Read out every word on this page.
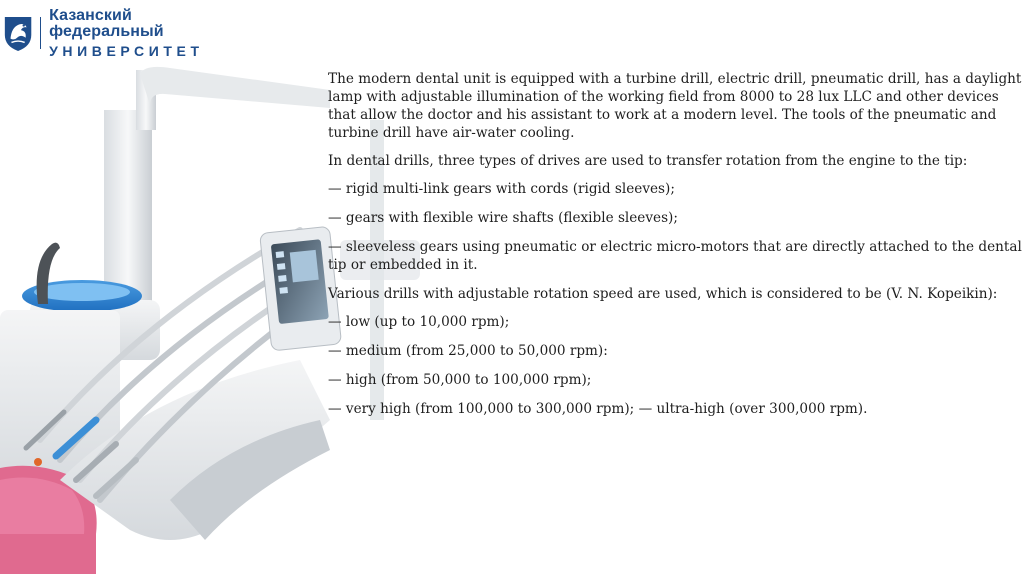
Казанский федеральный
УНИВЕРСИТЕТ

The modern dental unit is equipped with a turbine drill, electric drill, pneumatic drill, has a daylight lamp with adjustable illumination of the working field from 8000 to 28 lux LLC and other devices that allow the doctor and his assistant to work at a modern level. The tools of the pneumatic and turbine drill have air-water cooling.

In dental drills, three types of drives are used to transfer rotation from the engine to the tip:

— rigid multi-link gears with cords (rigid sleeves);

— gears with flexible wire shafts (flexible sleeves);

— sleeveless gears using pneumatic or electric micro-motors that are directly attached to the dental tip or embedded in it.

Various drills with adjustable rotation speed are used, which is considered to be (V. N. Kopeikin):

— low (up to 10,000 rpm);

— medium (from 25,000 to 50,000 rpm):

— high (from 50,000 to 100,000 rpm);

— very high (from 100,000 to 300,000 rpm); — ultra-high (over 300,000 rpm).
